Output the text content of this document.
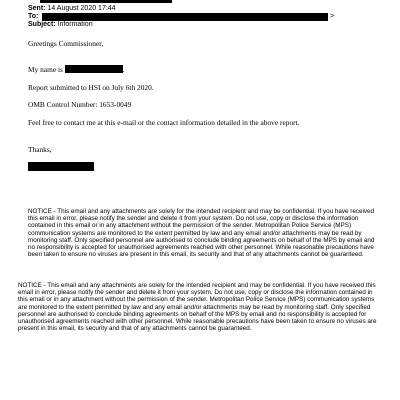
Sent: 14 August 2020 17:44
To:	>
Subject: Information
Greetings Commissioner,
My name is	.
Report submitted to HSI on July 6th 2020.
OMB Control Number: 1653-0049
Feel free to contact me at this e-mail or the contact information detailed in the above report.
Thanks,
NOTICE - This email and any attachments are solely for the intended recipient and may be confidential. If you have received this email in error, please notify the sender and delete it from your system. Do not use, copy or disclose the information contained in this email or in any attachment without the permission of the sender. Metropolitan Police Service (MPS) communication systems are monitored to the extent permitted by law and any email and/or attachments may be read by monitoring staff. Only specified personnel are authorised to conclude binding agreements on behalf of the MPS by email and no responsibility is accepted for unauthorised agreements reached with other personnel. While reasonable precautions have been taken to ensure no viruses are present in this email, its security and that of any attachments cannot be guaranteed.
NOTICE - This email and any attachments are solely for the intended recipient and may be confidential. If you have received this email in error, please notify the sender and delete it from your system. Do not use, copy or disclose the information contained in this email or in any attachment without the permission of the sender. Metropolitan Police Service (MPS) communication systems are monitored to the extent permitted by law and any email and/or attachments may be read by monitoring staff. Only specified personnel are authorised to conclude binding agreements on behalf of the MPS by email and no responsibility is accepted for unauthorised agreements reached with other personnel. While reasonable precautions have been taken to ensure no viruses are present in this email, its security and that of any attachments cannot be guaranteed.
